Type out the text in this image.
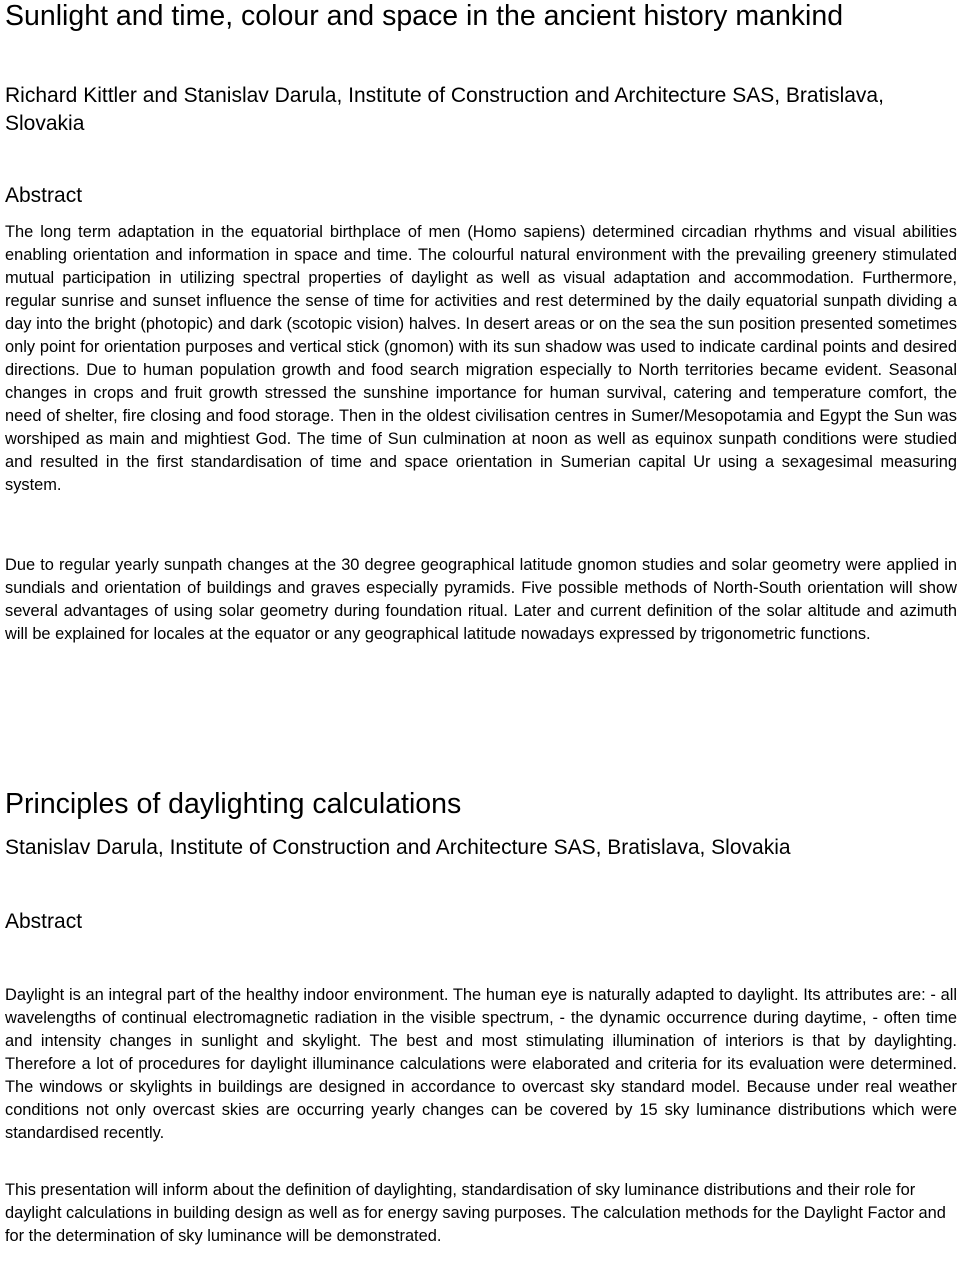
Sunlight and time, colour and space in the ancient history mankind

Richard Kittler and Stanislav Darula, Institute of Construction and Architecture SAS, Bratislava, Slovakia

Abstract

The long term adaptation in the equatorial birthplace of men (Homo sapiens) determined circadian rhythms and visual abilities enabling orientation and information in space and time. The colourful natural environment with the prevailing greenery stimulated mutual participation in utilizing spectral properties of daylight as well as visual adaptation and accommodation. Furthermore, regular sunrise and sunset influence the sense of time for activities and rest determined by the daily equatorial sunpath dividing a day into the bright (photopic) and dark (scotopic vision) halves. In desert areas or on the sea the sun position presented sometimes only point for orientation purposes and vertical stick (gnomon) with its sun shadow was used to indicate cardinal points and desired directions. Due to human population growth and food search migration especially to North territories became evident. Seasonal changes in crops and fruit growth stressed the sunshine importance for human survival, catering and temperature comfort, the need of shelter, fire closing and food storage. Then in the oldest civilisation centres in Sumer/Mesopotamia and Egypt the Sun was worshiped as main and mightiest God. The time of Sun culmination at noon as well as equinox sunpath conditions were studied and resulted in the first standardisation of time and space orientation in Sumerian capital Ur using a sexagesimal measuring system.

Due to regular yearly sunpath changes at the 30 degree geographical latitude gnomon studies and solar geometry were applied in sundials and orientation of buildings and graves especially pyramids. Five possible methods of North-South orientation will show several advantages of using solar geometry during foundation ritual. Later and current definition of the solar altitude and azimuth will be explained for locales at the equator or any geographical latitude nowadays expressed by trigonometric functions.

Principles of daylighting calculations

Stanislav Darula, Institute of Construction and Architecture SAS, Bratislava, Slovakia

Abstract

Daylight is an integral part of the healthy indoor environment. The human eye is naturally adapted to daylight. Its attributes are: - all wavelengths of continual electromagnetic radiation in the visible spectrum, - the dynamic occurrence during daytime, - often time and intensity changes in sunlight and skylight. The best and most stimulating illumination of interiors is that by daylighting. Therefore a lot of procedures for daylight illuminance calculations were elaborated and criteria for its evaluation were determined. The windows or skylights in buildings are designed in accordance to overcast sky standard model. Because under real weather conditions not only overcast skies are occurring yearly changes can be covered by 15 sky luminance distributions which were standardised recently.

This presentation will inform about the definition of daylighting, standardisation of sky luminance distributions and their role for daylight calculations in building design as well as for energy saving purposes. The calculation methods for the Daylight Factor and for the determination of sky luminance will be demonstrated.
